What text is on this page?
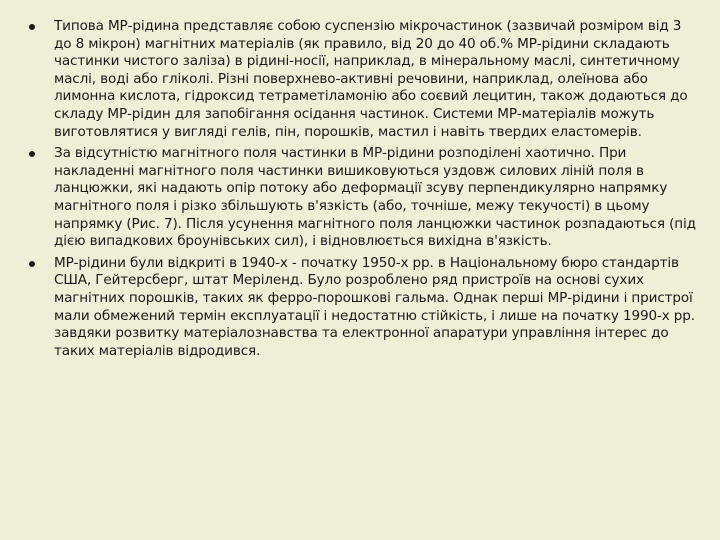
Типова МР-рідина представляє собою суспензію мікрочастинок (зазвичай розміром від 3 до 8 мікрон) магнітних матеріалів (як правило, від 20 до 40 об.% МР-рідини складають частинки чистого заліза) в рідині-носії, наприклад, в мінеральному маслі, синтетичному маслі, воді або гліколі. Різні поверхнево-активні речовини, наприклад, олеїнова або лимонна кислота, гідроксид тетраметіламонію або соєвий лецитин, також додаються до складу МР-рідин для запобігання осідання частинок. Системи МР-матеріалів можуть виготовлятися у вигляді гелів, пін, порошків, мастил і навіть твердих еластомерів.
За відсутністю магнітного поля частинки в МР-рідини розподілені хаотично. При накладенні магнітного поля частинки вишиковуються уздовж силових ліній поля в ланцюжки, які надають опір потоку або деформації зсуву перпендикулярно напрямку магнітного поля і різко збільшують в'язкість (або, точніше, межу текучості) в цьому напрямку (Рис. 7). Після усунення магнітного поля ланцюжки частинок розпадаються (під дією випадкових броунівських сил), і відновлюється вихідна в'язкість.
МР-рідини були відкриті в 1940-х - початку 1950-х рр. в Національному бюро стандартів США, Гейтерсберг, штат Меріленд. Було розроблено ряд пристроїв на основі сухих магнітних порошків, таких як ферро-порошкові гальма. Однак перші МР-рідини і пристрої мали обмежений термін експлуатації і недостатню стійкість, і лише на початку 1990-х рр. завдяки розвитку матеріалознавства та електронної апаратури управління інтерес до таких матеріалів відродився.
